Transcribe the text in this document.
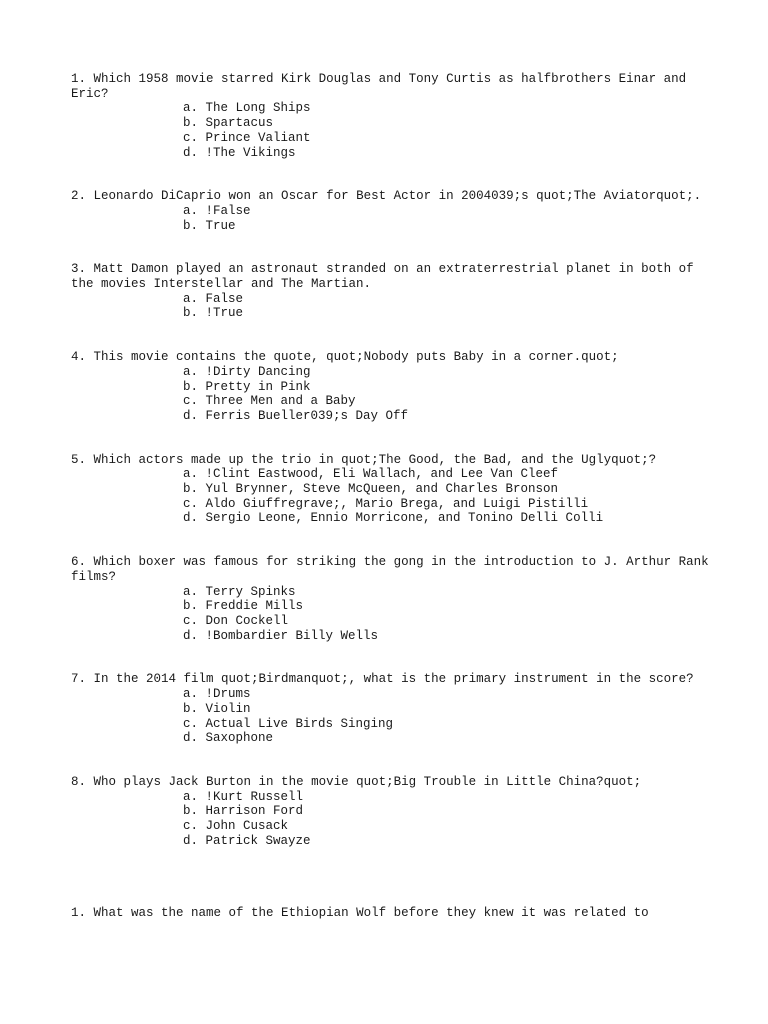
1. Which 1958 movie starred Kirk Douglas and Tony Curtis as halfbrothers Einar and Eric?

a. The Long Ships
b. Spartacus
c. Prince Valiant
d. !The Vikings

2. Leonardo DiCaprio won an Oscar for Best Actor in 2004039;s quot;The Aviatorquot;.

a. !False
b. True

3. Matt Damon played an astronaut stranded on an extraterrestrial planet in both of the movies Interstellar and The Martian.

a. False
b. !True

4. This movie contains the quote, quot;Nobody puts Baby in a corner.quot;

a. !Dirty Dancing
b. Pretty in Pink
c. Three Men and a Baby
d. Ferris Bueller039;s Day Off

5. Which actors made up the trio in quot;The Good, the Bad, and the Uglyquot;?

a. !Clint Eastwood, Eli Wallach, and Lee Van Cleef
b. Yul Brynner, Steve McQueen, and Charles Bronson
c. Aldo Giuffregrave;, Mario Brega, and Luigi Pistilli
d. Sergio Leone, Ennio Morricone, and Tonino Delli Colli

6. Which boxer was famous for striking the gong in the introduction to J. Arthur Rank films?

a. Terry Spinks
b. Freddie Mills
c. Don Cockell
d. !Bombardier Billy Wells

7. In the 2014 film quot;Birdmanquot;, what is the primary instrument in the score?

a. !Drums
b. Violin
c. Actual Live Birds Singing
d. Saxophone

8. Who plays Jack Burton in the movie quot;Big Trouble in Little China?quot;

a. !Kurt Russell
b. Harrison Ford
c. John Cusack
d. Patrick Swayze

1. What was the name of the Ethiopian Wolf before they knew it was related to
